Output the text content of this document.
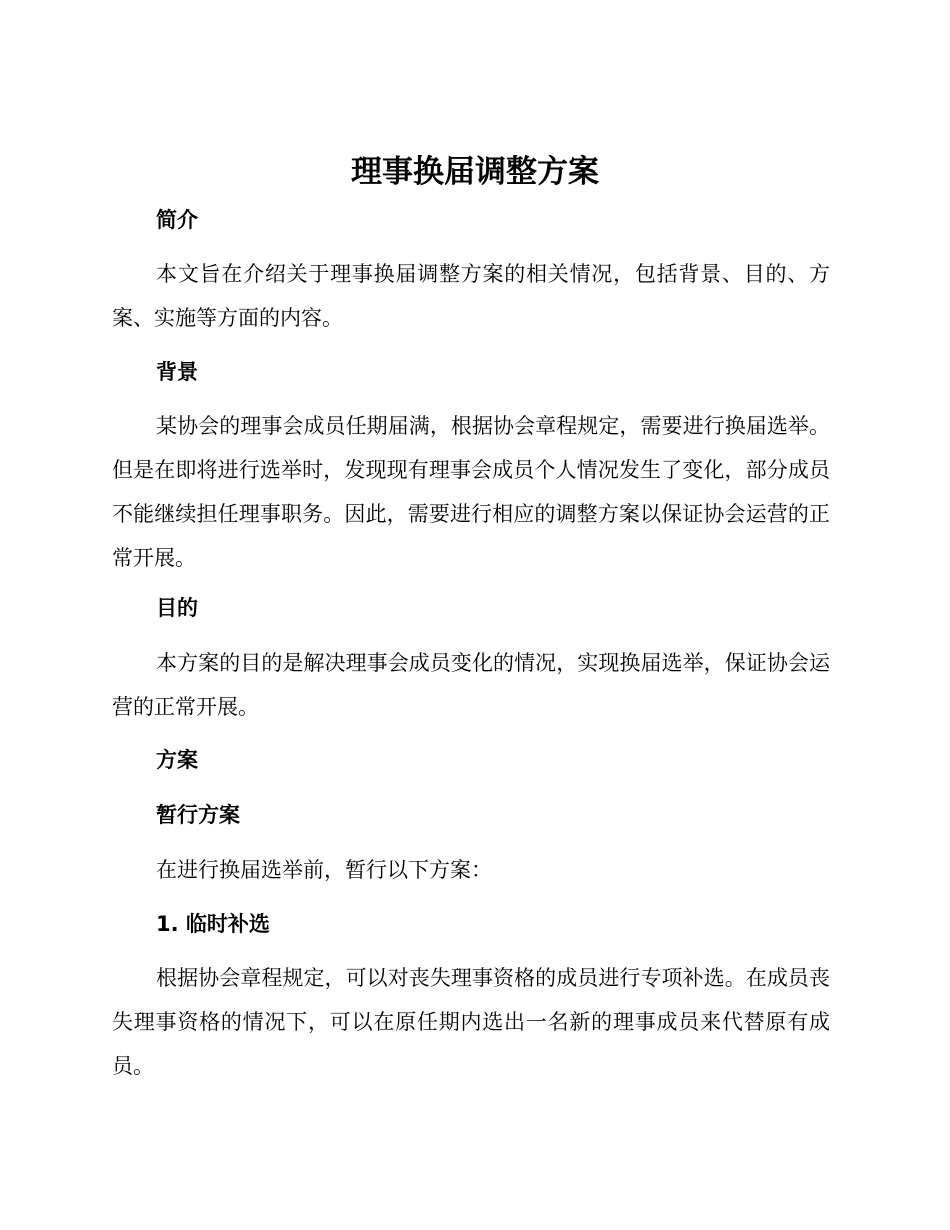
理事换届调整方案
简介

本文旨在介绍关于理事换届调整方案的相关情况，包括背景、目的、方案、实施等方面的内容。

背景

某协会的理事会成员任期届满，根据协会章程规定，需要进行换届选举。但是在即将进行选举时，发现现有理事会成员个人情况发生了变化，部分成员不能继续担任理事职务。因此，需要进行相应的调整方案以保证协会运营的正常开展。

目的

本方案的目的是解决理事会成员变化的情况，实现换届选举，保证协会运营的正常开展。

方案
暂行方案

在进行换届选举前，暂行以下方案：

1. 临时补选

根据协会章程规定，可以对丧失理事资格的成员进行专项补选。在成员丧失理事资格的情况下，可以在原任期内选出一名新的理事成员来代替原有成员。
